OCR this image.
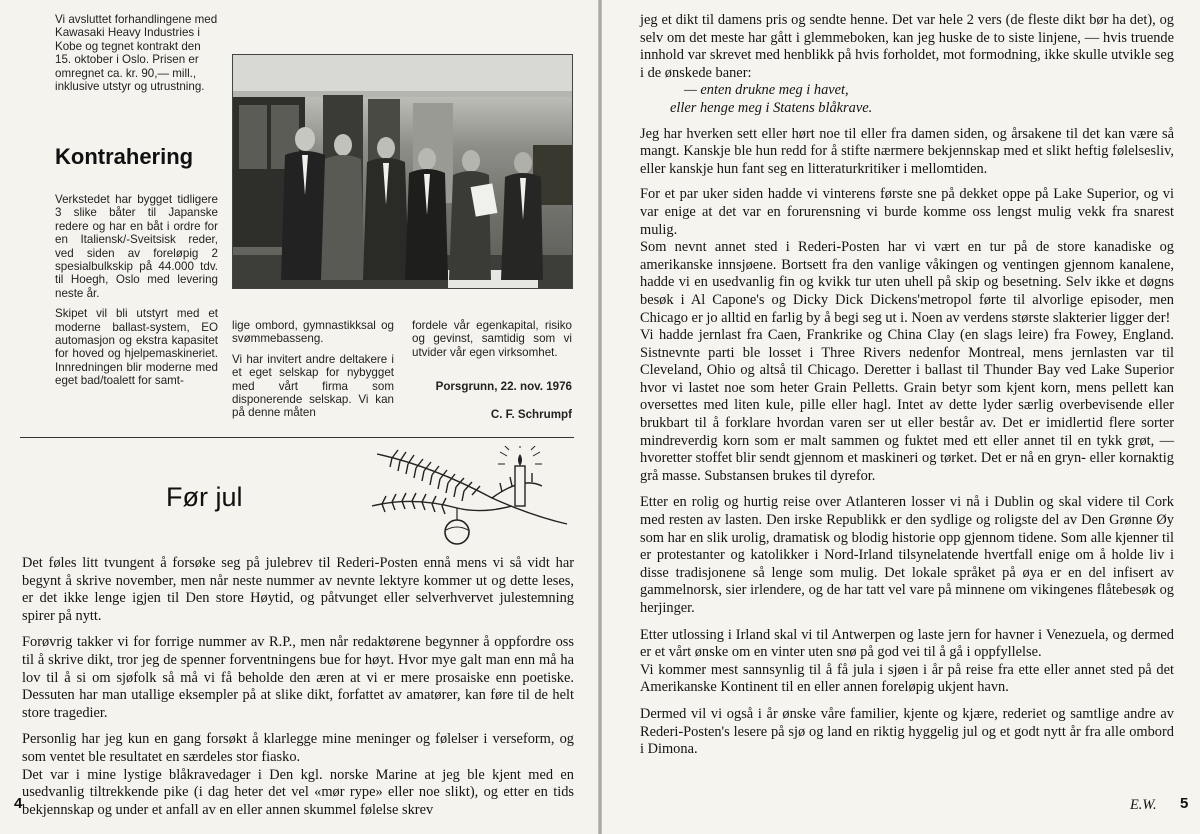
Vi avsluttet forhandlingene med Kawasaki Heavy Industries i Kobe og tegnet kontrakt den 15. oktober i Oslo. Prisen er omregnet ca. kr. 90,— mill., inklusive utstyr og utrustning.
Kontrahering

Verkstedet har bygget tidligere 3 slike båter til Japanske redere og har en båt i ordre for en Italiensk/-Sveitsisk reder, ved siden av foreløpig 2 spesialbulkskip på 44.000 tdv. til Hoegh, Oslo med levering neste år.

Skipet vil bli utstyrt med et moderne ballast-system, EO automasjon og ekstra kapasitet for hoved og hjelpemaskineriet. Innredningen blir moderne med eget bad/toalett for samt-

lige ombord, gymnastikksal og svømmebasseng.

Vi har invitert andre deltakere i et eget selskap for nybygget med vårt firma som disponerende selskap. Vi kan på denne måten

fordele vår egenkapital, risiko og gevinst, samtidig som vi utvider vår egen virksomhet.

Porsgrunn, 22. nov. 1976
C. F. Schrumpf
Før jul

Det føles litt tvungent å forsøke seg på julebrev til Rederi-Posten ennå mens vi så vidt har begynt å skrive november, men når neste nummer av nevnte lektyre kommer ut og dette leses, er det ikke lenge igjen til Den store Høytid, og påtvunget eller selverhvervet julestemning spirer på nytt.

Forøvrig takker vi for forrige nummer av R.P., men når redaktørene begynner å oppfordre oss til å skrive dikt, tror jeg de spenner forventningens bue for høyt. Hvor mye galt man enn må ha lov til å si om sjøfolk så må vi få beholde den æren at vi er mere prosaiske enn poetiske. Dessuten har man utallige eksempler på at slike dikt, forfattet av amatører, kan føre til de helt store tragedier.

Personlig har jeg kun en gang forsøkt å klarlegge mine meninger og følelser i verseform, og som ventet ble resultatet en særdeles stor fiasko.

Det var i mine lystige blåkravedager i Den kgl. norske Marine at jeg ble kjent med en usedvanlig tiltrekkende pike (i dag heter det vel «mør rype» eller noe slikt), og etter en tids bekjennskap og under et anfall av en eller annen skummel følelse skrev

4

jeg et dikt til damens pris og sendte henne. Det var hele 2 vers (de fleste dikt bør ha det), og selv om det meste har gått i glemmeboken, kan jeg huske de to siste linjene, — hvis truende innhold var skrevet med henblikk på hvis forholdet, mot formodning, ikke skulle utvikle seg i de ønskede baner:

— enten drukne meg i havet,
eller henge meg i Statens blåkrave.

Jeg har hverken sett eller hørt noe til eller fra damen siden, og årsakene til det kan være så mangt. Kanskje ble hun redd for å stifte nærmere bekjennskap med et slikt heftig følelsesliv, eller kanskje hun fant seg en litteraturkritiker i mellomtiden.

For et par uker siden hadde vi vinterens første sne på dekket oppe på Lake Superior, og vi var enige at det var en forurensning vi burde komme oss lengst mulig vekk fra snarest mulig.

Som nevnt annet sted i Rederi-Posten har vi vært en tur på de store kanadiske og amerikanske innsjøene. Bortsett fra den vanlige våkingen og ventingen gjennom kanalene, hadde vi en usedvanlig fin og kvikk tur uten uhell på skip og besetning. Selv ikke et døgns besøk i Al Capone's og Dicky Dick Dickens'metropol førte til alvorlige episoder, men Chicago er jo alltid en farlig by å begi seg ut i. Noen av verdens største slakterier ligger der!

Vi hadde jernlast fra Caen, Frankrike og China Clay (en slags leire) fra Fowey, England. Sistnevnte parti ble losset i Three Rivers nedenfor Montreal, mens jernlasten var til Cleveland, Ohio og altså til Chicago. Deretter i ballast til Thunder Bay ved Lake Superior hvor vi lastet noe som heter Grain Pelletts. Grain betyr som kjent korn, mens pellett kan oversettes med liten kule, pille eller hagl. Intet av dette lyder særlig overbevisende eller brukbart til å forklare hvordan varen ser ut eller består av. Det er imidlertid flere sorter mindreverdig korn som er malt sammen og fuktet med ett eller annet til en tykk grøt, — hvoretter stoffet blir sendt gjennom et maskineri og tørket. Det er nå en gryn- eller kornaktig grå masse. Substansen brukes til dyrefor.

Etter en rolig og hurtig reise over Atlanteren losser vi nå i Dublin og skal videre til Cork med resten av lasten. Den irske Republikk er den sydlige og roligste del av Den Grønne Øy som har en slik urolig, dramatisk og blodig historie opp gjennom tidene. Som alle kjenner til er protestanter og katolikker i Nord-Irland tilsynelatende hvertfall enige om å holde liv i disse tradisjonene så lenge som mulig. Det lokale språket på øya er en del infisert av gammelnorsk, sier irlendere, og de har tatt vel vare på minnene om vikingenes flåtebesøk og herjinger.

Etter utlossing i Irland skal vi til Antwerpen og laste jern for havner i Venezuela, og dermed er et vårt ønske om en vinter uten snø på god vei til å gå i oppfyllelse.

Vi kommer mest sannsynlig til å få jula i sjøen i år på reise fra ette eller annet sted på det Amerikanske Kontinent til en eller annen foreløpig ukjent havn.

Dermed vil vi også i år ønske våre familier, kjente og kjære, rederiet og samtlige andre av Rederi-Posten's lesere på sjø og land en riktig hyggelig jul og et godt nytt år fra alle ombord i Dimona.

E.W. 5
